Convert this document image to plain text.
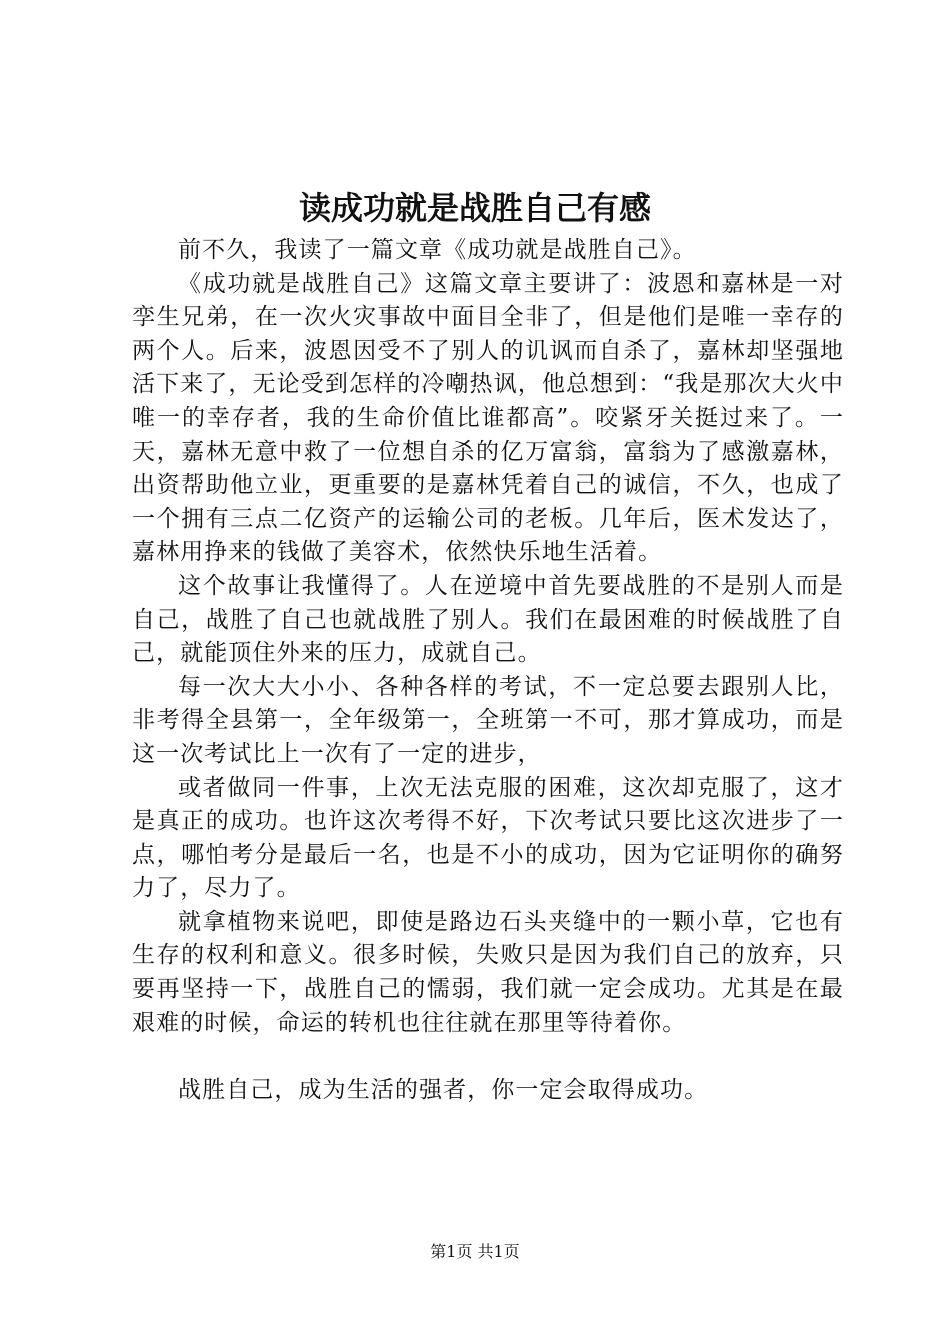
读成功就是战胜自己有感

前不久，我读了一篇文章《成功就是战胜自己》。

《成功就是战胜自己》这篇文章主要讲了：波恩和嘉林是一对孪生兄弟，在一次火灾事故中面目全非了，但是他们是唯一幸存的两个人。后来，波恩因受不了别人的讥讽而自杀了，嘉林却坚强地活下来了，无论受到怎样的冷嘲热讽，他总想到：“我是那次大火中唯一的幸存者，我的生命价值比谁都高”。咬紧牙关挺过来了。一天，嘉林无意中救了一位想自杀的亿万富翁，富翁为了感激嘉林，出资帮助他立业，更重要的是嘉林凭着自己的诚信，不久，也成了一个拥有三点二亿资产的运输公司的老板。几年后，医术发达了，嘉林用挣来的钱做了美容术，依然快乐地生活着。

这个故事让我懂得了。人在逆境中首先要战胜的不是别人而是自己，战胜了自己也就战胜了别人。我们在最困难的时候战胜了自己，就能顶住外来的压力，成就自己。

每一次大大小小、各种各样的考试，不一定总要去跟别人比，非考得全县第一，全年级第一，全班第一不可，那才算成功，而是这一次考试比上一次有了一定的进步，

或者做同一件事，上次无法克服的困难，这次却克服了，这才是真正的成功。也许这次考得不好，下次考试只要比这次进步了一点，哪怕考分是最后一名，也是不小的成功，因为它证明你的确努力了，尽力了。

就拿植物来说吧，即使是路边石头夹缝中的一颗小草，它也有生存的权利和意义。很多时候，失败只是因为我们自己的放弃，只要再坚持一下，战胜自己的懦弱，我们就一定会成功。尤其是在最艰难的时候，命运的转机也往往就在那里等待着你。

战胜自己，成为生活的强者，你一定会取得成功。

第1页 共1页
